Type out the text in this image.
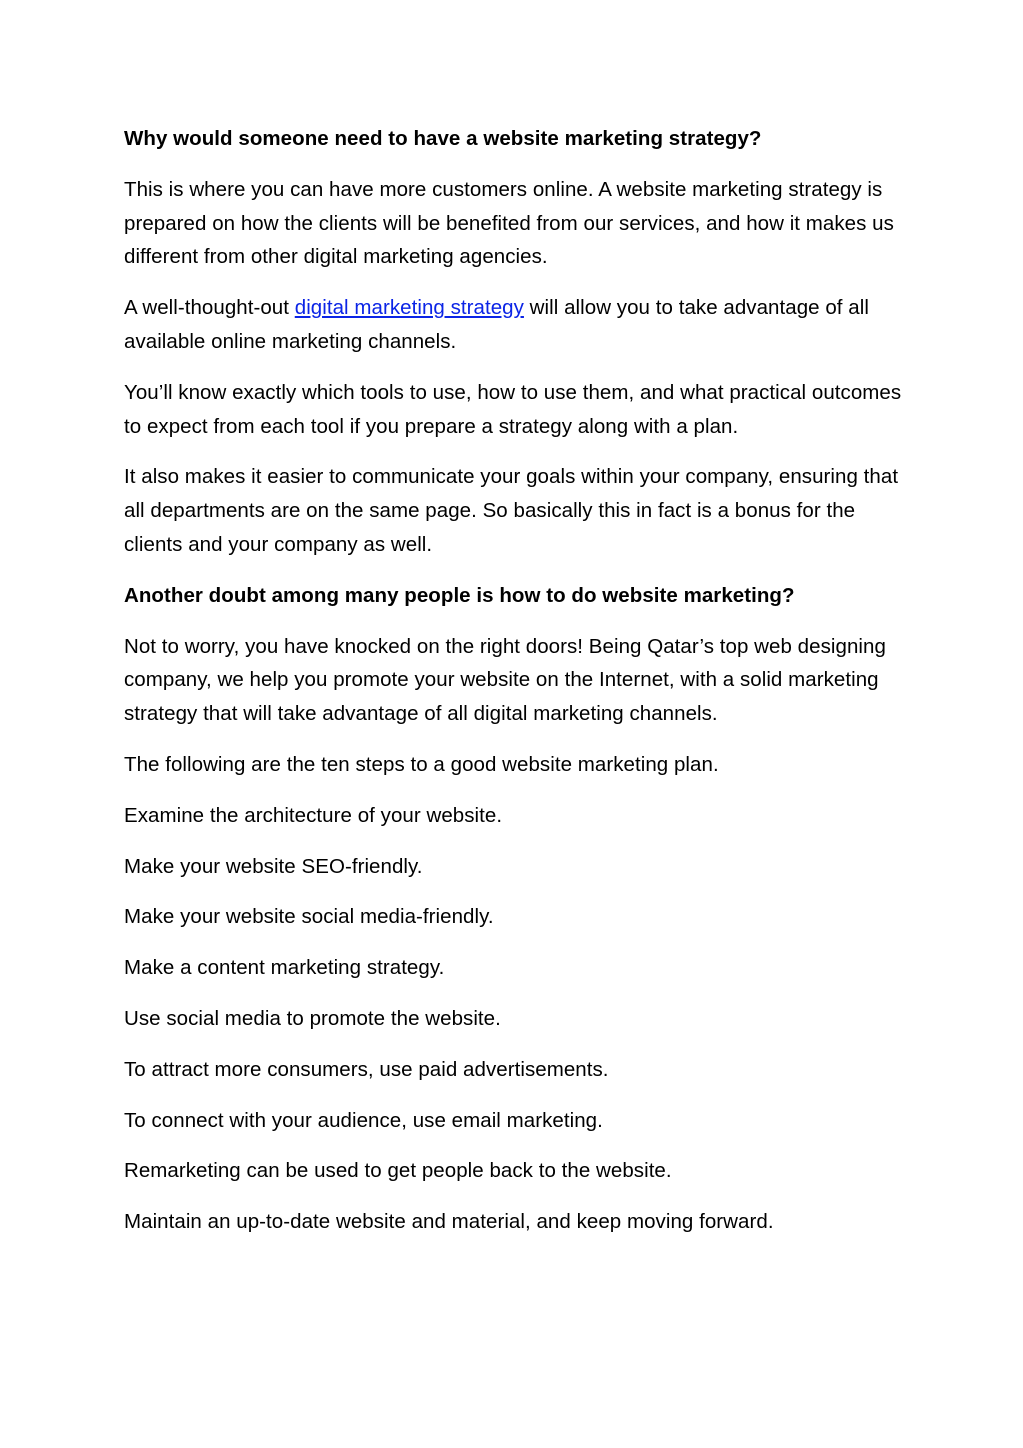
Why would someone need to have a website marketing strategy?

This is where you can have more customers online. A website marketing strategy is prepared on how the clients will be benefited from our services, and how it makes us different from other digital marketing agencies.

A well-thought-out digital marketing strategy will allow you to take advantage of all available online marketing channels.

You’ll know exactly which tools to use, how to use them, and what practical outcomes to expect from each tool if you prepare a strategy along with a plan.

It also makes it easier to communicate your goals within your company, ensuring that all departments are on the same page. So basically this in fact is a bonus for the clients and your company as well.

Another doubt among many people is how to do website marketing?

Not to worry, you have knocked on the right doors! Being Qatar’s top web designing company, we help you promote your website on the Internet, with a solid marketing strategy that will take advantage of all digital marketing channels.

The following are the ten steps to a good website marketing plan.

Examine the architecture of your website.

Make your website SEO-friendly.

Make your website social media-friendly.

Make a content marketing strategy.

Use social media to promote the website.

To attract more consumers, use paid advertisements.

To connect with your audience, use email marketing.

Remarketing can be used to get people back to the website.

Maintain an up-to-date website and material, and keep moving forward.
